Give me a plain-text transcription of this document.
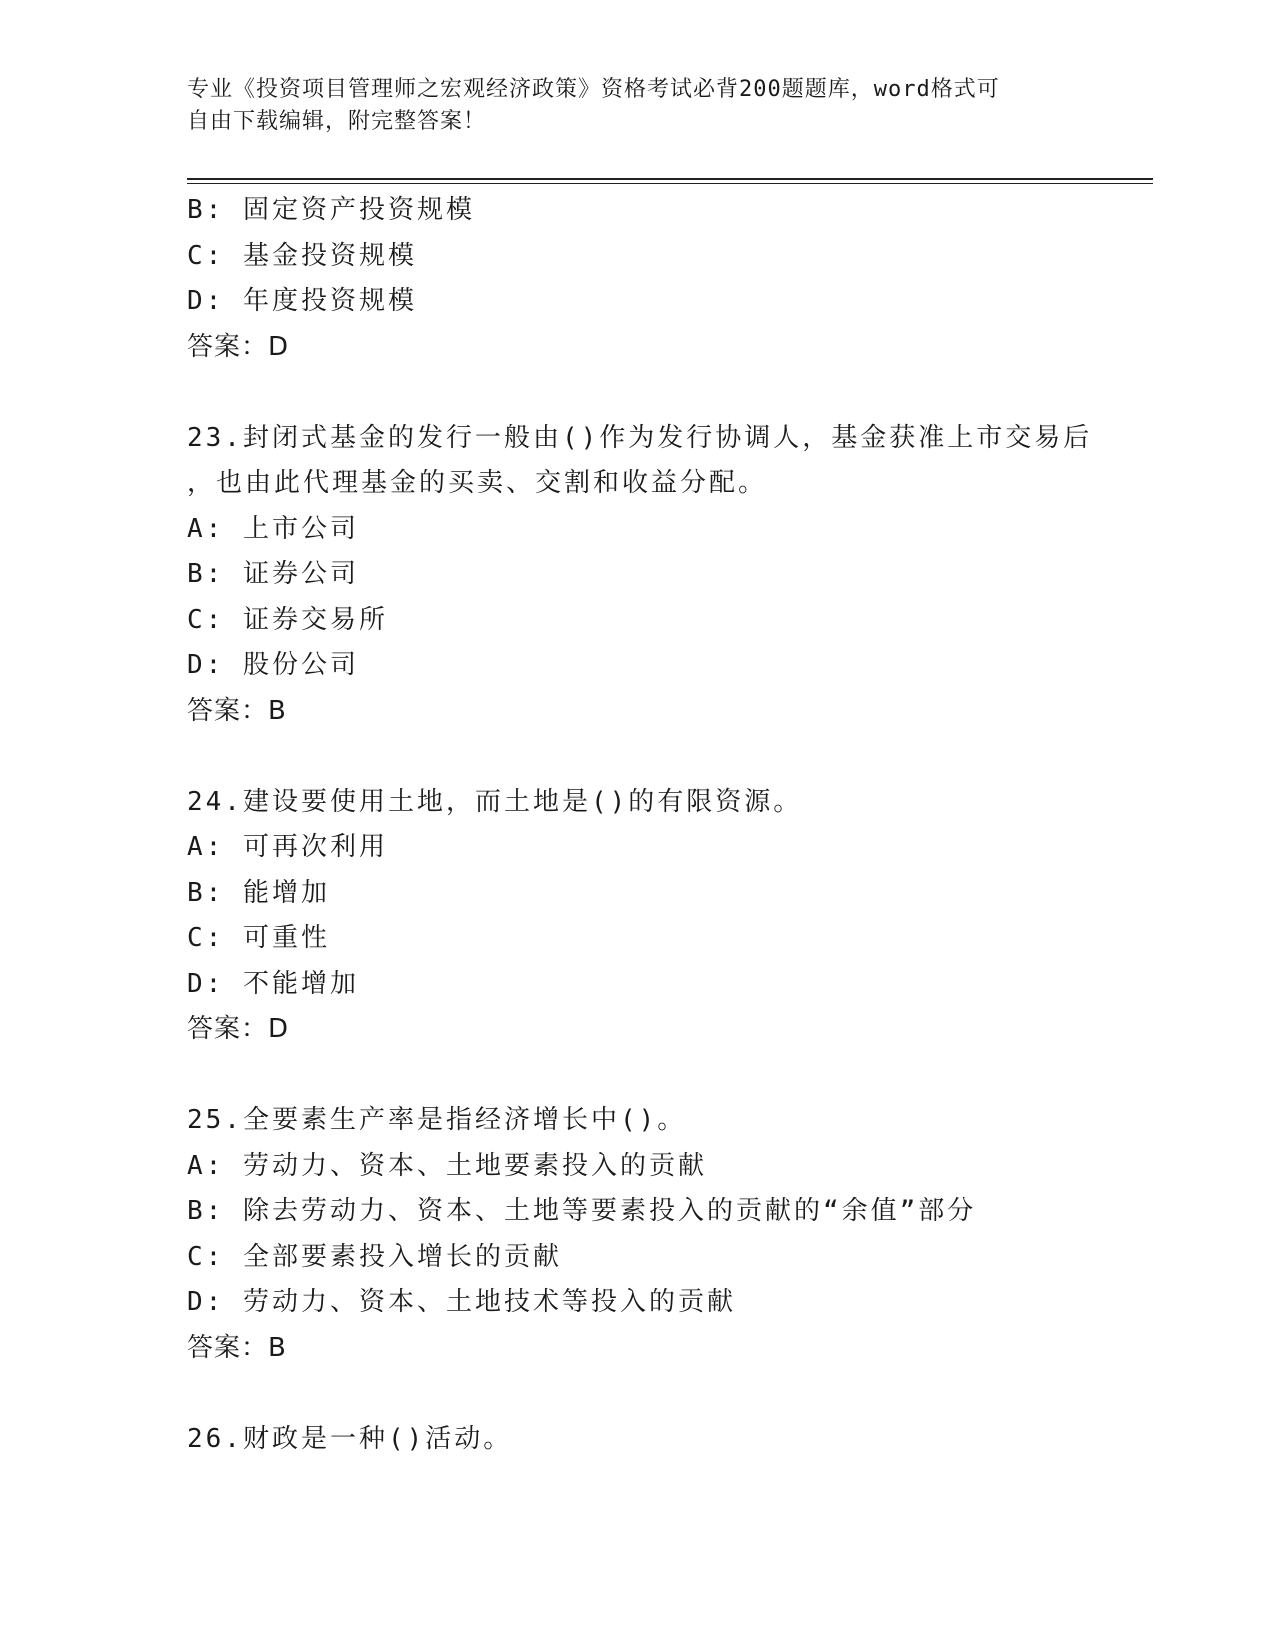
专业《投资项目管理师之宏观经济政策》资格考试必背200题题库，word格式可
自由下载编辑，附完整答案！
B: 固定资产投资规模
C: 基金投资规模
D: 年度投资规模
答案：D
23.封闭式基金的发行一般由()作为发行协调人，基金获准上市交易后
，也由此代理基金的买卖、交割和收益分配。
A: 上市公司
B: 证券公司
C: 证券交易所
D: 股份公司
答案：B
24.建设要使用土地，而土地是()的有限资源。
A: 可再次利用
B: 能增加
C: 可重性
D: 不能增加
答案：D
25.全要素生产率是指经济增长中()。
A: 劳动力、资本、土地要素投入的贡献
B: 除去劳动力、资本、土地等要素投入的贡献的“余值”部分
C: 全部要素投入增长的贡献
D: 劳动力、资本、土地技术等投入的贡献
答案：B
26.财政是一种()活动。
